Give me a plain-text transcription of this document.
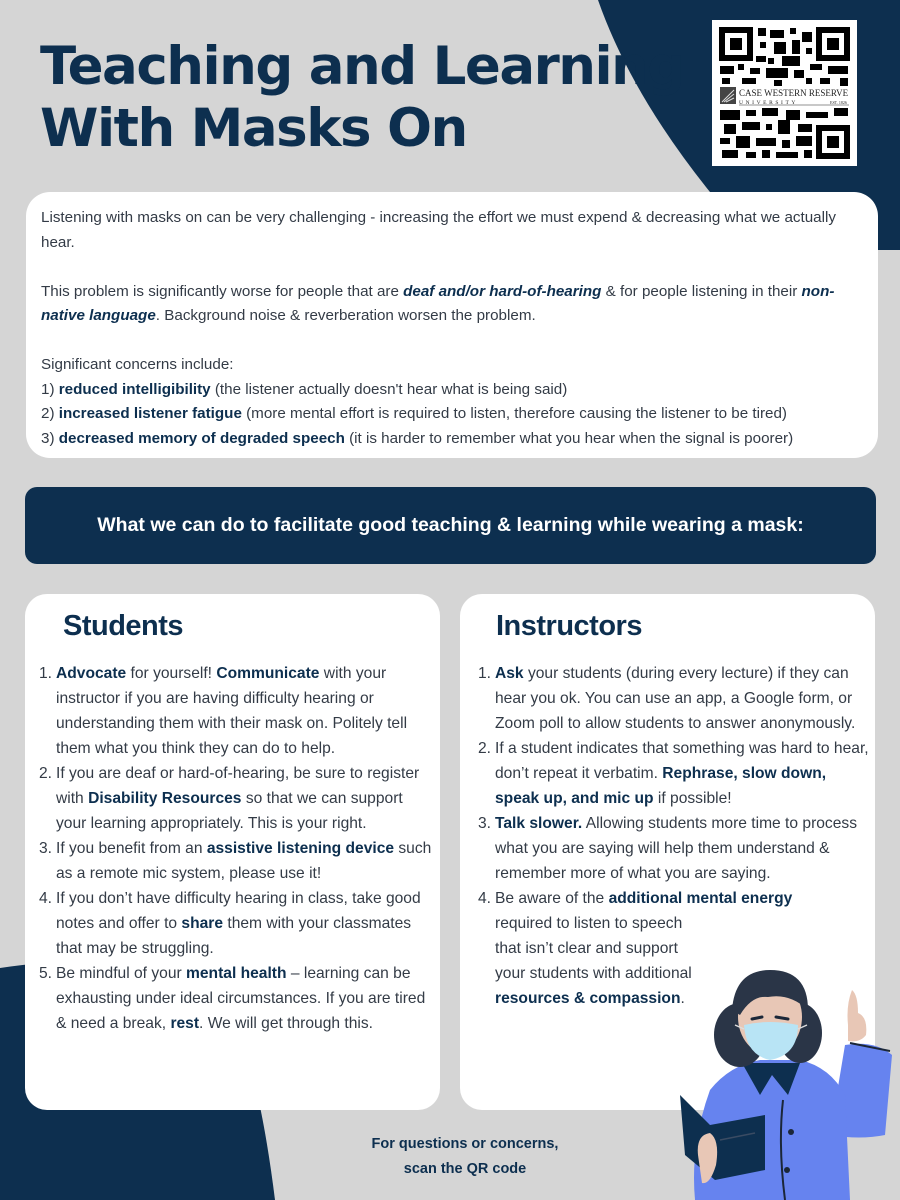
Teaching and Learning
With Masks On
CASE WESTERN RESERVE
UNIVERSITY	EST. 1826

Listening with masks on can be very challenging - increasing the effort we must expend & decreasing what we actually hear.

This problem is significantly worse for people that are deaf and/or hard-of-hearing & for people listening in their non-native language. Background noise & reverberation worsen the problem.

Significant concerns include:

1) reduced intelligibility (the listener actually doesn't hear what is being said)

2) increased listener fatigue (more mental effort is required to listen, therefore causing the listener to be tired)

3) decreased memory of degraded speech (it is harder to remember what you hear when the signal is poorer)

What we can do to facilitate good teaching & learning while wearing a mask:
Students
1. Advocate for yourself! Communicate with your instructor if you are having difficulty hearing or understanding them with their mask on. Politely tell them what you think they can do to help.
2. If you are deaf or hard-of-hearing, be sure to register with Disability Resources so that we can support your learning appropriately. This is your right.
3. If you benefit from an assistive listening device such as a remote mic system, please use it!
4. If you don’t have difficulty hearing in class, take good notes and offer to share them with your classmates that may be struggling.
5. Be mindful of your mental health – learning can be exhausting under ideal circumstances. If you are tired & need a break, rest. We will get through this.
Instructors
1. Ask your students (during every lecture) if they can hear you ok. You can use an app, a Google form, or Zoom poll to allow students to answer anonymously.
2. If a student indicates that something was hard to hear, don’t repeat it verbatim. Rephrase, slow down, speak up, and mic up if possible!
3. Talk slower. Allowing students more time to process what you are saying will help them understand & remember more of what you are saying.
4. Be aware of the additional mental energy
required to listen to speech that isn’t clear and support your students with additional resources & compassion.
For questions or concerns,
scan the QR code
